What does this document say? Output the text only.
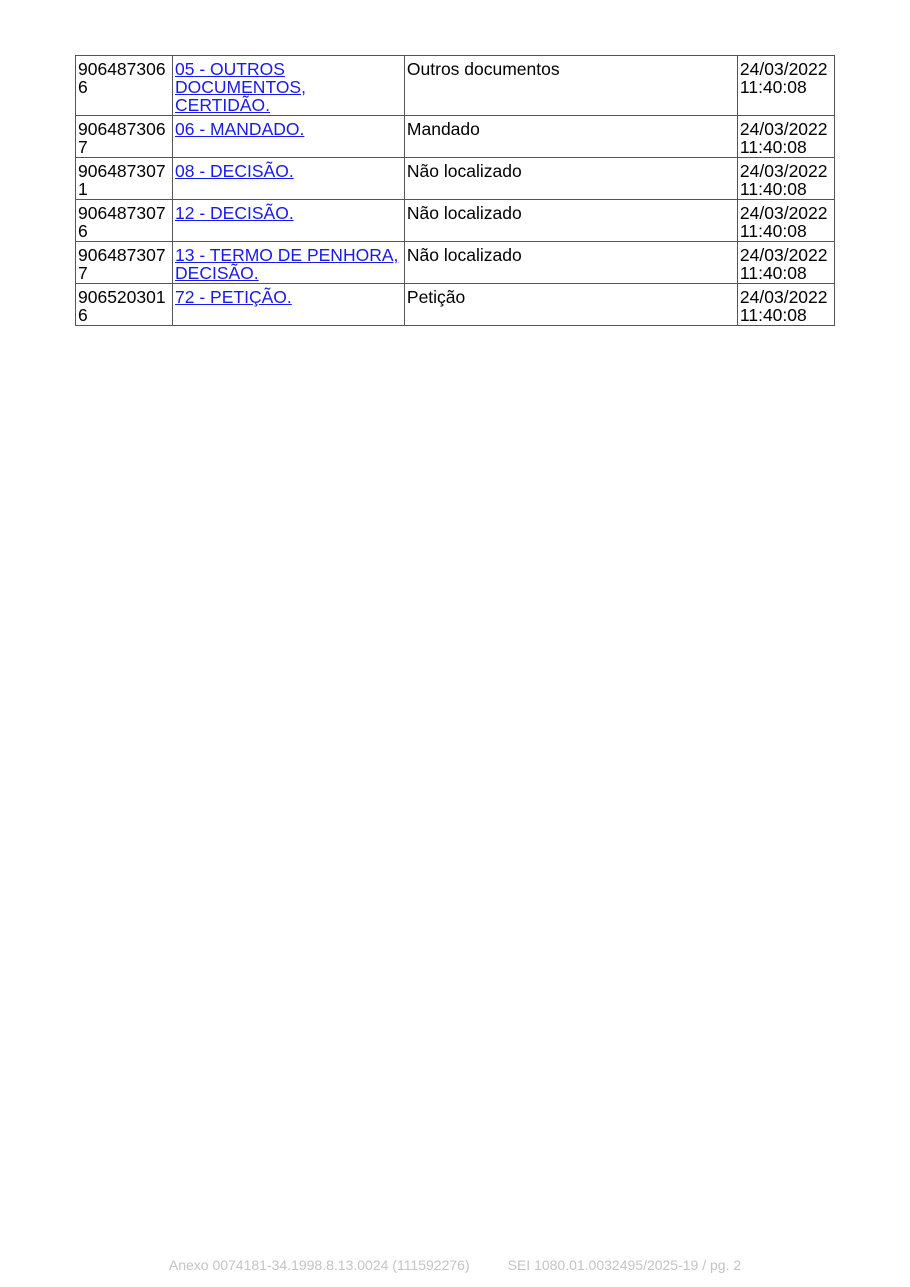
9064873066	05 - OUTROS DOCUMENTOS, CERTIDÃO.	Outros documentos	24/03/2022
11:40:08
9064873067	06 - MANDADO.	Mandado	24/03/2022
11:40:08
9064873071	08 - DECISÃO.	Não localizado	24/03/2022
11:40:08
9064873076	12 - DECISÃO.	Não localizado	24/03/2022
11:40:08
9064873077	13 - TERMO DE PENHORA, DECISÃO.	Não localizado	24/03/2022
11:40:08
9065203016	72 - PETIÇÃO.	Petição	24/03/2022
11:40:08
Anexo 0074181-34.1998.8.13.0024 (111592276)	SEI 1080.01.0032495/2025-19 / pg. 2
